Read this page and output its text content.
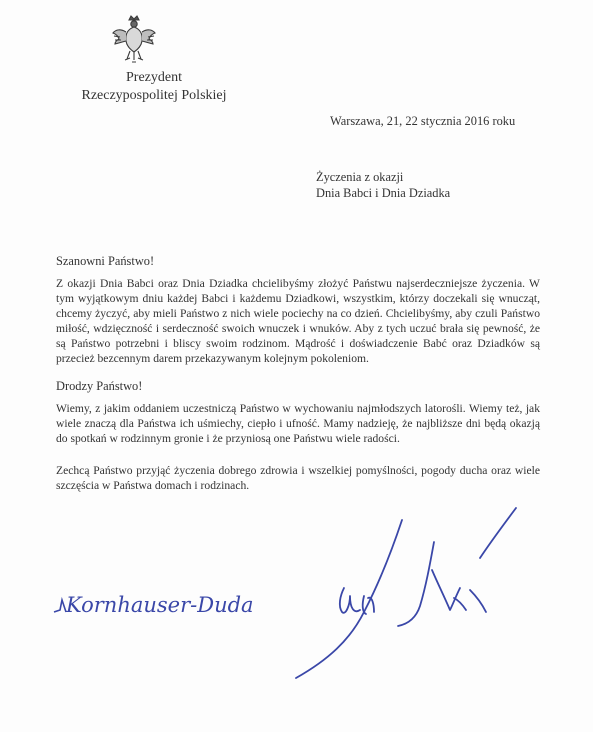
Prezydent
Rzeczypospolitej Polskiej
Warszawa, 21, 22 stycznia 2016 roku
Życzenia z okazji
Dnia Babci i Dnia Dziadka
Szanowni Państwo!

Z okazji Dnia Babci oraz Dnia Dziadka chcielibyśmy złożyć Państwu najserdeczniejsze życzenia. W tym wyjątkowym dniu każdej Babci i każdemu Dziadkowi, wszystkim, którzy doczekali się wnucząt, chcemy życzyć, aby mieli Państwo z nich wiele pociechy na co dzień. Chcielibyśmy, aby czuli Państwo miłość, wdzięczność i serdeczność swoich wnuczek i wnuków. Aby z tych uczuć brała się pewność, że są Państwo potrzebni i bliscy swoim rodzinom. Mądrość i doświadczenie Babć oraz Dziadków są przecież bezcennym darem przekazywanym kolejnym pokoleniom.

Drodzy Państwo!

Wiemy, z jakim oddaniem uczestniczą Państwo w wychowaniu najmłodszych latorośli. Wiemy też, jak wiele znaczą dla Państwa ich uśmiechy, ciepło i ufność. Mamy nadzieję, że najbliższe dni będą okazją do spotkań w rodzinnym gronie i że przyniosą one Państwu wiele radości.

Zechcą Państwo przyjąć życzenia dobrego zdrowia i wszelkiej pomyślności, pogody ducha oraz wiele szczęścia w Państwa domach i rodzinach.

Kornhauser-Duda
